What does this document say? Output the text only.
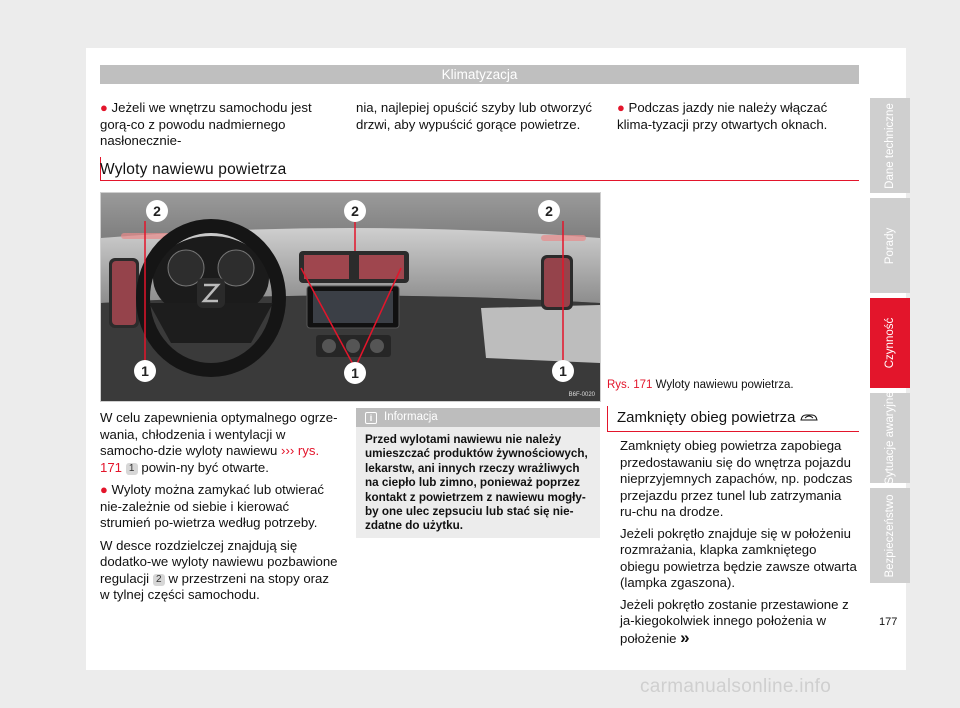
Klimatyzacja
● Jeżeli we wnętrzu samochodu jest gorą-co z powodu nadmiernego nasłonecznie-
nia, najlepiej opuścić szyby lub otworzyć drzwi, aby wypuścić gorące powietrze.
● Podczas jazdy nie należy włączać klima-tyzacji przy otwartych oknach.
Wyloty nawiewu powietrza
2	2	2
1	1	1
B6F-0020
Rys. 171 Wyloty nawiewu powietrza.

W celu zapewnienia optymalnego ogrze-wania, chłodzenia i wentylacji w samocho-dzie wyloty nawiewu ››› rys. 171 1 powin-ny być otwarte.

● Wyloty można zamykać lub otwierać nie-zależnie od siebie i kierować strumień po-wietrza według potrzeby.

W desce rozdzielczej znajdują się dodatko-we wyloty nawiewu pozbawione regulacji 2 w przestrzeni na stopy oraz w tylnej części samochodu.

i	Informacja
Przed wylotami nawiewu nie należy umieszczać produktów żywnościowych, lekarstw, ani innych rzeczy wrażliwych na ciepło lub zimno, ponieważ poprzez kontakt z powietrzem z nawiewu mogły-by one ulec zepsuciu lub stać się nie-zdatne do użytku.
Zamknięty obieg powietrza

Zamknięty obieg powietrza zapobiega przedostawaniu się do wnętrza pojazdu nieprzyjemnych zapachów, np. podczas przejazdu przez tunel lub zatrzymania ru-chu na drodze.

Jeżeli pokrętło znajduje się w położeniu rozmrażania, klapka zamkniętego obiegu powietrza będzie zawsze otwarta (lampka zgaszona).

Jeżeli pokrętło zostanie przestawione z ja-kiegokolwiek innego położenia w położenie »

Dane techniczne
Porady
Czynność
Sytuacje awaryjne
Bezpieczeństwo
177
carmanualsonline.info
